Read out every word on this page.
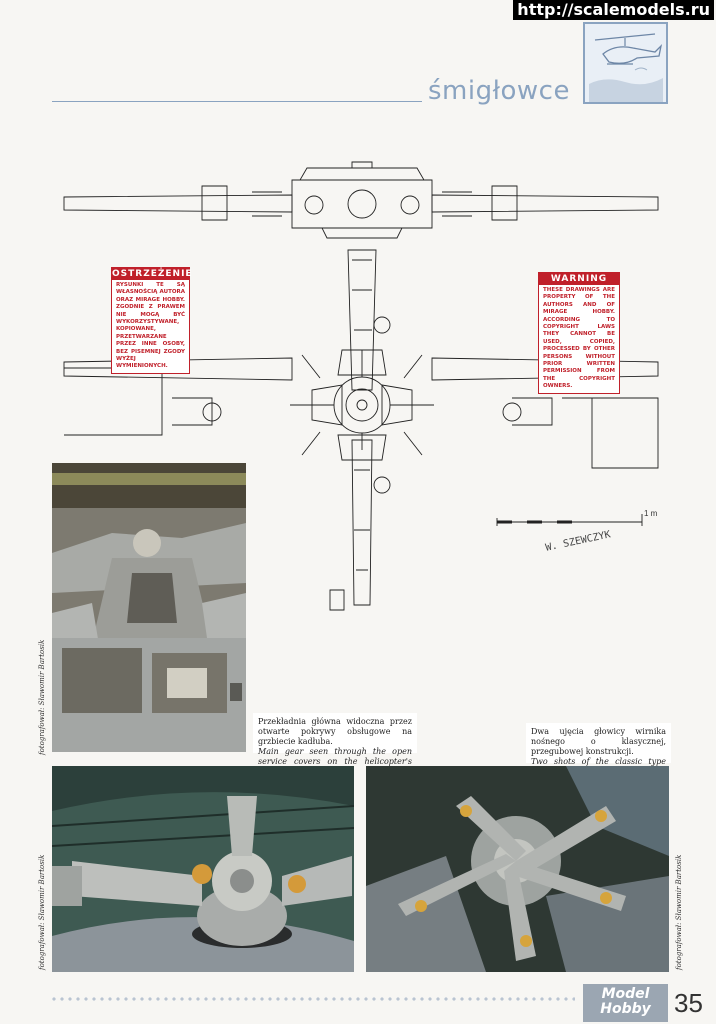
http://scalemodels.ru
śmigłowce
1 m
W. SZEWCZYK
OSTRZEŻENIE
RYSUNKI TE SĄ WŁASNOŚCIĄ AUTORA ORAZ MIRAGE HOBBY. ZGODNIE Z PRAWEM NIE MOGĄ BYĆ WYKORZYSTYWANE, KOPIOWANE, PRZETWARZANE PRZEZ INNE OSOBY, BEZ PISEMNEJ ZGODY WYŻEJ WYMIENIONYCH.
WARNING
THESE DRAWINGS ARE PROPERTY OF THE AUTHORS AND OF MIRAGE HOBBY. ACCORDING TO COPYRIGHT LAWS THEY CANNOT BE USED, COPIED, PROCESSED BY OTHER PERSONS WITHOUT PRIOR WRITTEN PERMISSION FROM THE COPYRIGHT OWNERS.
Przekładnia główna widoczna przez otwarte pokrywy obsługowe na grzbiecie kadłuba.
Main gear seen through the open service covers on the helicopter's
fotografował: Sławomir Bartosik	Dwa ujęcia głowicy wirnika nośnego o klasycznej, przegubowej konstrukcji.
Two shots of the classic type
fotografował: Sławomir Bartosik	fotografował: Sławomir Bartosik
Model
Hobby 35
